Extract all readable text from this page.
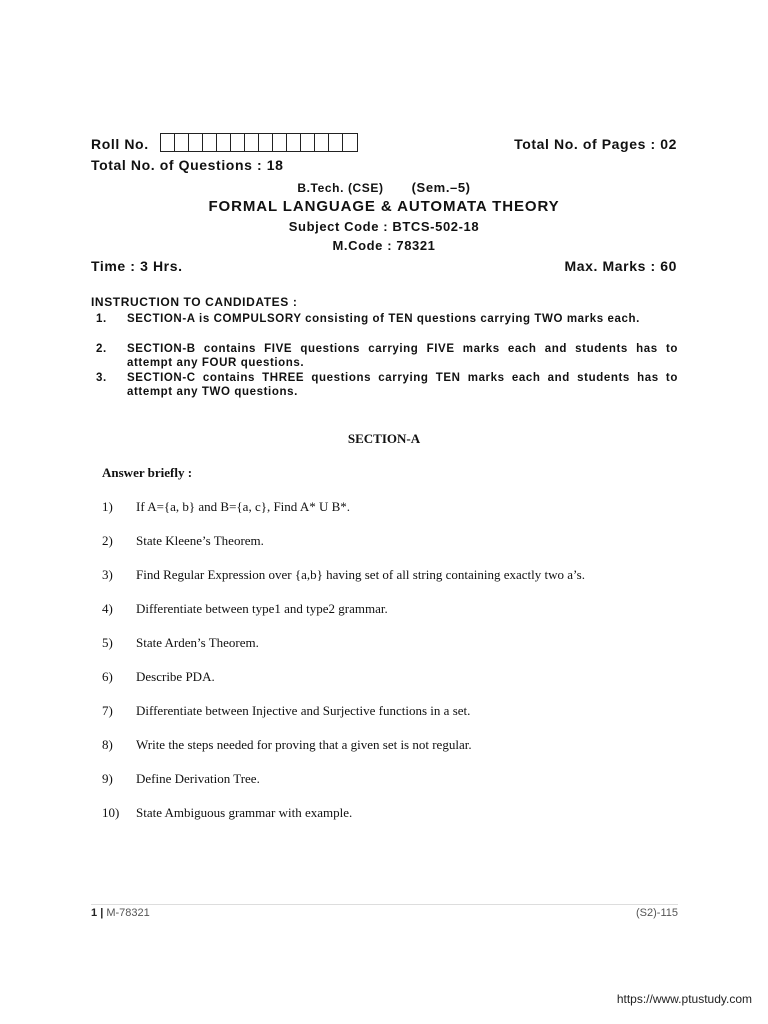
Roll No.	Total No. of Pages : 02
Total No. of Questions : 18
B.Tech. (CSE) (Sem.–5)
FORMAL LANGUAGE & AUTOMATA THEORY
Subject Code : BTCS-502-18
M.Code : 78321
Time : 3 Hrs.	Max. Marks : 60
INSTRUCTION TO CANDIDATES :
1.	SECTION-A is COMPULSORY consisting of TEN questions carrying TWO marks each.
2.	SECTION-B contains FIVE questions carrying FIVE marks each and students has to attempt any FOUR questions.
3.	SECTION-C contains THREE questions carrying TEN marks each and students has to attempt any TWO questions.
SECTION-A
Answer briefly :
1)	If A={a, b} and B={a, c}, Find A* U B*.
2)	State Kleene’s Theorem.
3)	Find Regular Expression over {a,b} having set of all string containing exactly two a’s.
4)	Differentiate between type1 and type2 grammar.
5)	State Arden’s Theorem.
6)	Describe PDA.
7)	Differentiate between Injective and Surjective functions in a set.
8)	Write the steps needed for proving that a given set is not regular.
9)	Define Derivation Tree.
10)	State Ambiguous grammar with example.
1 | M-78321	(S2)-115
https://www.ptustudy.com
